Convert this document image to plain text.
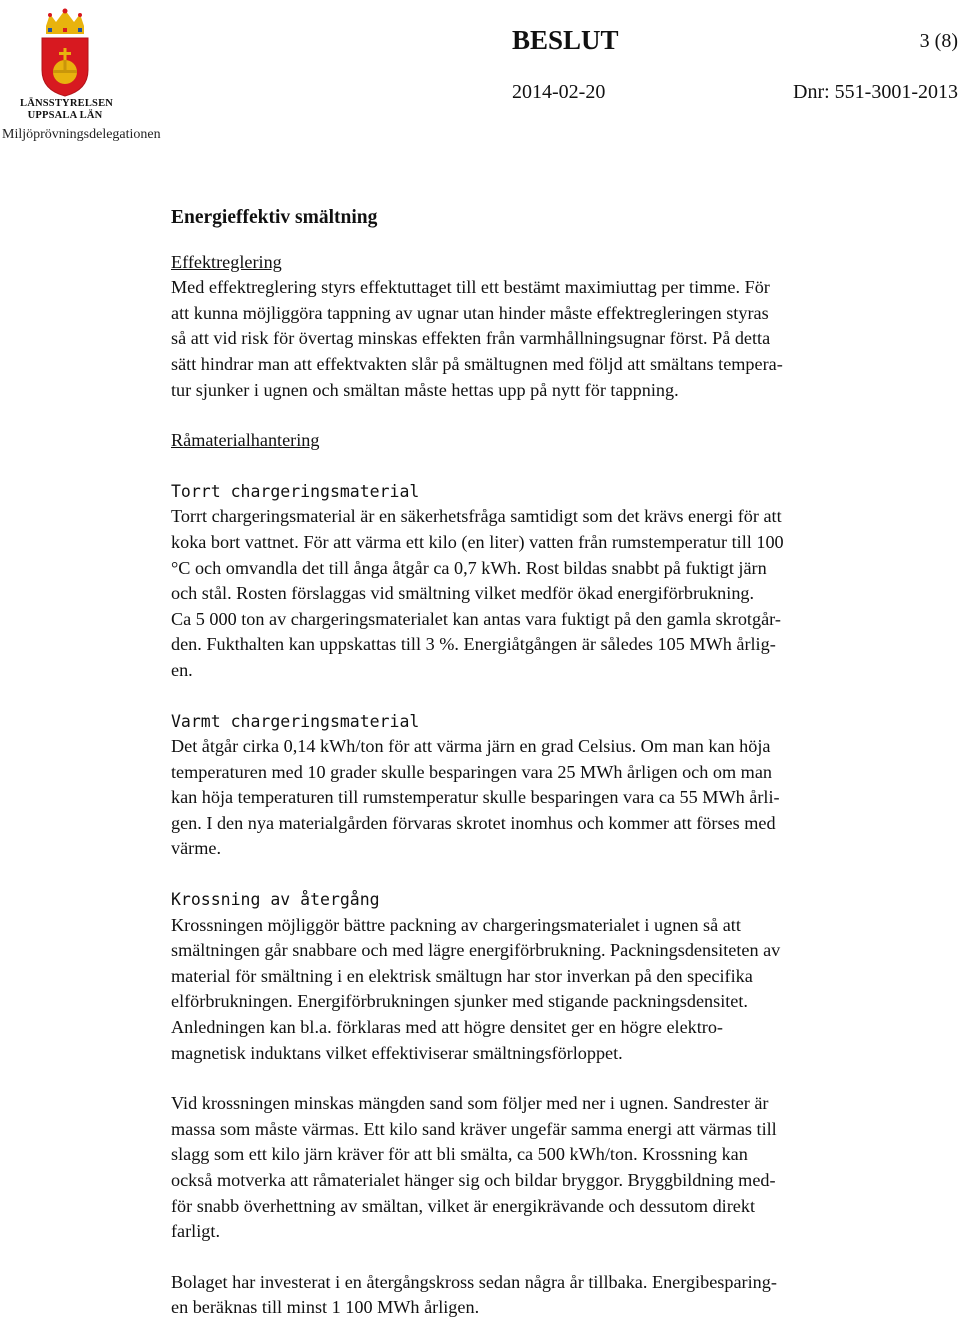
LÄNSSTYRELSEN
UPPSALA LÄN
Miljöprövningsdelegationen
BESLUT	3 (8)
2014-02-20	Dnr: 551-3001-2013
Energieffektiv smältning

Effektreglering

Med effektreglering styrs effektuttaget till ett bestämt maximiuttag per timme. För
att kunna möjliggöra tappning av ugnar utan hinder måste effektregleringen styras
så att vid risk för övertag minskas effekten från varmhållningsugnar först. På detta
sätt hindrar man att effektvakten slår på smältugnen med följd att smältans tempera-
tur sjunker i ugnen och smältan måste hettas upp på nytt för tappning.

Råmaterialhantering

Torrt chargeringsmaterial

Torrt chargeringsmaterial är en säkerhetsfråga samtidigt som det krävs energi för att
koka bort vattnet. För att värma ett kilo (en liter) vatten från rumstemperatur till 100
°C och omvandla det till ånga åtgår ca 0,7 kWh. Rost bildas snabbt på fuktigt järn
och stål. Rosten förslaggas vid smältning vilket medför ökad energiförbrukning.
Ca 5 000 ton av chargeringsmaterialet kan antas vara fuktigt på den gamla skrotgår-
den. Fukthalten kan uppskattas till 3 %. Energiåtgången är således 105 MWh årlig-
en.

Varmt chargeringsmaterial

Det åtgår cirka 0,14 kWh/ton för att värma järn en grad Celsius. Om man kan höja
temperaturen med 10 grader skulle besparingen vara 25 MWh årligen och om man
kan höja temperaturen till rumstemperatur skulle besparingen vara ca 55 MWh årli-
gen. I den nya materialgården förvaras skrotet inomhus och kommer att förses med
värme.

Krossning av återgång

Krossningen möjliggör bättre packning av chargeringsmaterialet i ugnen så att
smältningen går snabbare och med lägre energiförbrukning. Packningsdensiteten av
material för smältning i en elektrisk smältugn har stor inverkan på den specifika
elförbrukningen. Energiförbrukningen sjunker med stigande packningsdensitet.
Anledningen kan bl.a. förklaras med att högre densitet ger en högre elektro-
magnetisk induktans vilket effektiviserar smältningsförloppet.

Vid krossningen minskas mängden sand som följer med ner i ugnen. Sandrester är
massa som måste värmas. Ett kilo sand kräver ungefär samma energi att värmas till
slagg som ett kilo järn kräver för att bli smälta, ca 500 kWh/ton. Krossning kan
också motverka att råmaterialet hänger sig och bildar bryggor. Bryggbildning med-
för snabb överhettning av smältan, vilket är energikrävande och dessutom direkt
farligt.

Bolaget har investerat i en återgångskross sedan några år tillbaka. Energibesparing-
en beräknas till minst 1 100 MWh årligen.
